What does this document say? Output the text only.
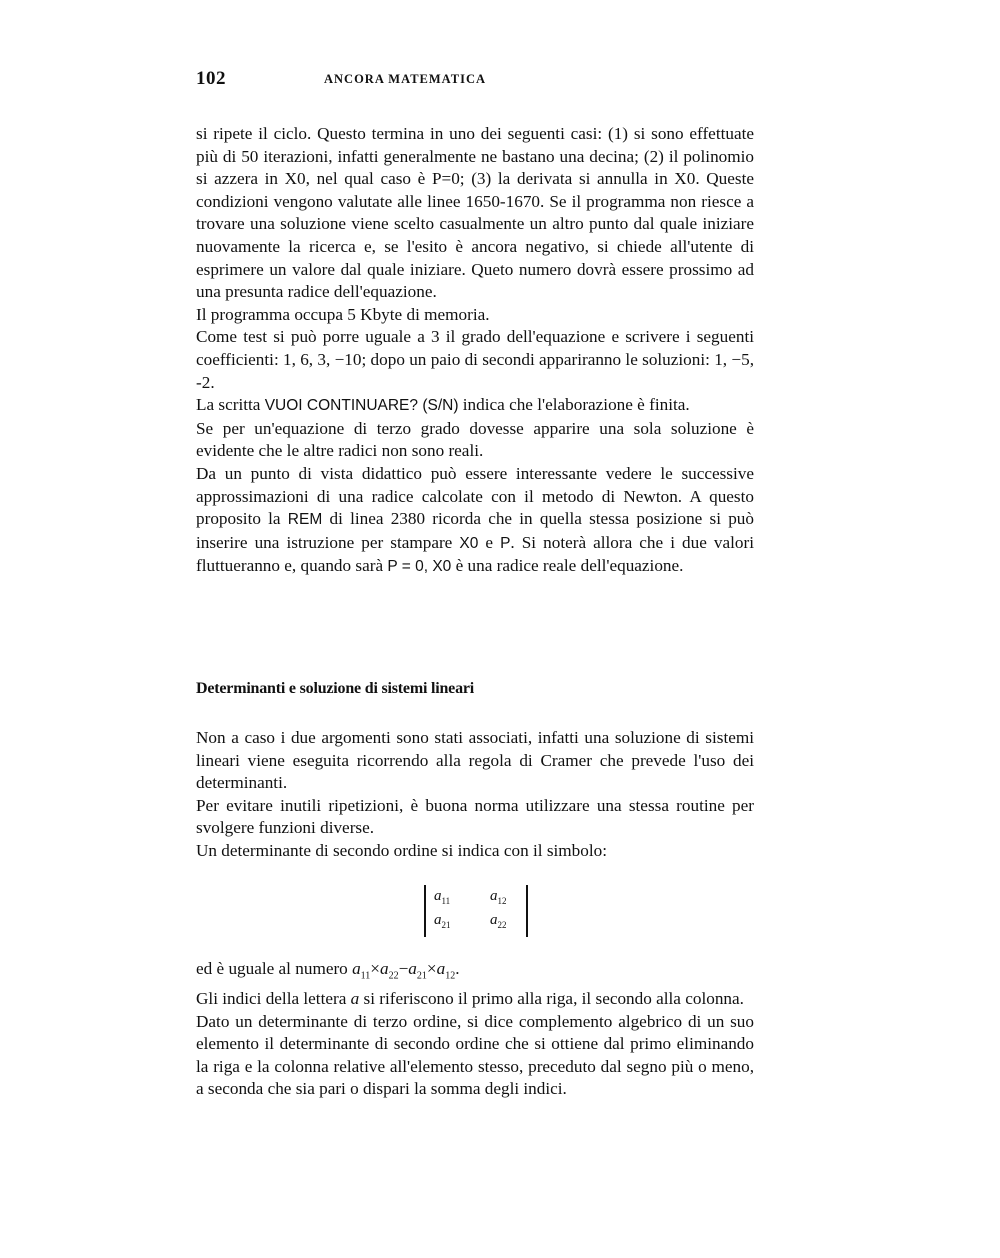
102	ANCORA MATEMATICA

si ripete il ciclo. Questo termina in uno dei seguenti casi: (1) si sono effettuate più di 50 iterazioni, infatti generalmente ne bastano una decina; (2) il polinomio si azzera in X0, nel qual caso è P=0; (3) la derivata si annulla in X0. Queste condizioni vengono valutate alle linee 1650-1670. Se il programma non riesce a trovare una soluzione viene scelto casualmente un altro punto dal quale iniziare nuovamente la ricerca e, se l'esito è ancora negativo, si chiede all'utente di esprimere un valore dal quale iniziare. Queto numero dovrà essere prossimo ad una presunta radice dell'equazione.

Il programma occupa 5 Kbyte di memoria.

Come test si può porre uguale a 3 il grado dell'equazione e scrivere i seguenti coefficienti: 1, 6, 3, −10; dopo un paio di secondi appariranno le soluzioni: 1, −5, -2.

La scritta VUOI CONTINUARE? (S/N) indica che l'elaborazione è finita.

Se per un'equazione di terzo grado dovesse apparire una sola soluzione è evidente che le altre radici non sono reali.

Da un punto di vista didattico può essere interessante vedere le successive approssimazioni di una radice calcolate con il metodo di Newton. A questo proposito la REM di linea 2380 ricorda che in quella stessa posizione si può inserire una istruzione per stampare X0 e P. Si noterà allora che i due valori fluttueranno e, quando sarà P = 0, X0 è una radice reale dell'equazione.

Determinanti e soluzione di sistemi lineari

Non a caso i due argomenti sono stati associati, infatti una soluzione di sistemi lineari viene eseguita ricorrendo alla regola di Cramer che prevede l'uso dei determinanti.

Per evitare inutili ripetizioni, è buona norma utilizzare una stessa routine per svolgere funzioni diverse.

Un determinante di secondo ordine si indica con il simbolo:

$a_{11}$	$a_{12}$
$a_{21}$	$a_{22}$

ed è uguale al numero $a_{11}\times a_{22}-a_{21}\times a_{12}$.

Gli indici della lettera a si riferiscono il primo alla riga, il secondo alla colonna.

Dato un determinante di terzo ordine, si dice complemento algebrico di un suo elemento il determinante di secondo ordine che si ottiene dal primo eliminando la riga e la colonna relative all'elemento stesso, preceduto dal segno più o meno, a seconda che sia pari o dispari la somma degli indici.
